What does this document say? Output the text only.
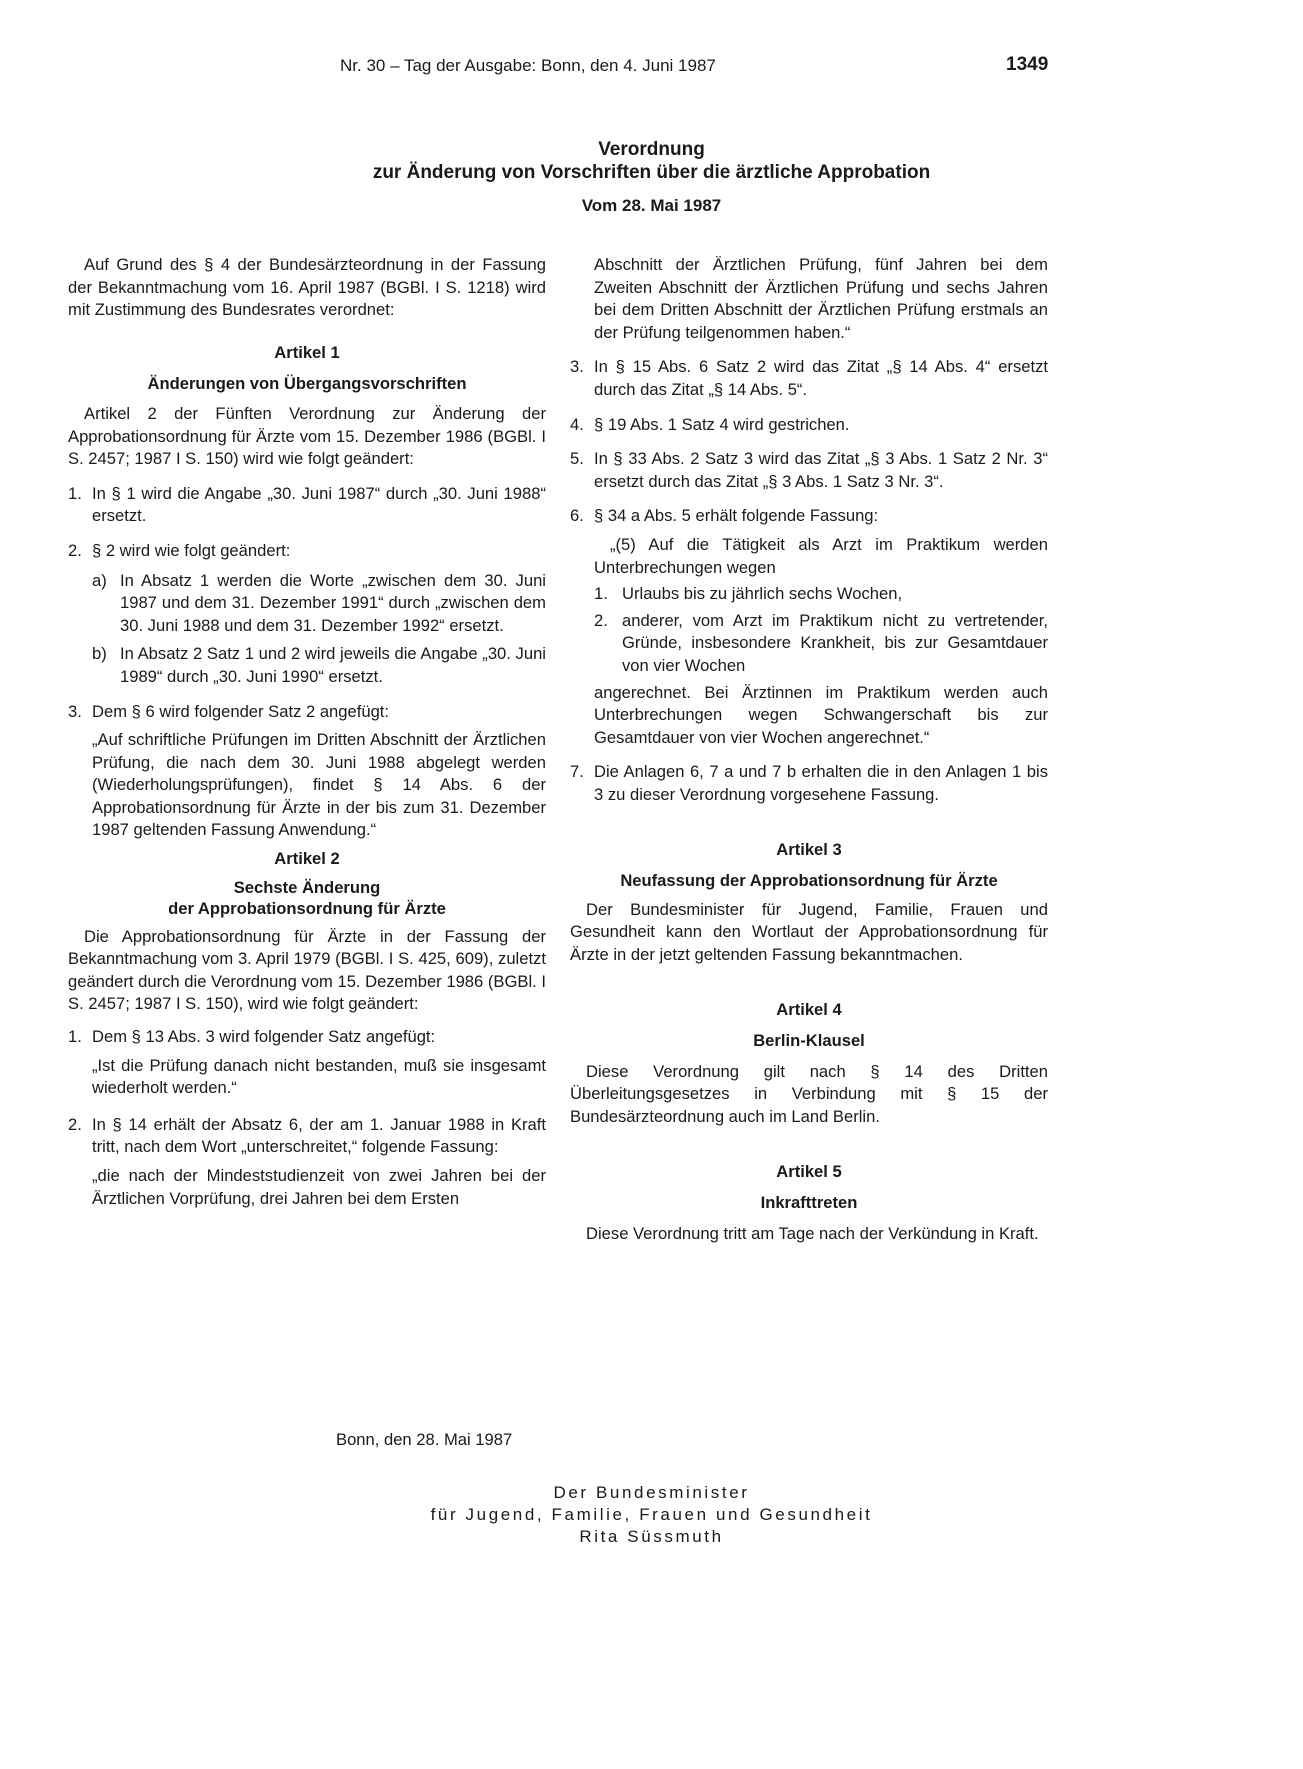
Nr. 30 – Tag der Ausgabe: Bonn, den 4. Juni 1987	1349
Verordnung
zur Änderung von Vorschriften über die ärztliche Approbation
Vom 28. Mai 1987

Auf Grund des § 4 der Bundesärzteordnung in der Fassung der Bekanntmachung vom 16. April 1987 (BGBl. I S. 1218) wird mit Zustimmung des Bundesrates verordnet:

Artikel 1
Änderungen von Übergangsvorschriften

Artikel 2 der Fünften Verordnung zur Änderung der Approbationsordnung für Ärzte vom 15. Dezember 1986 (BGBl. I S. 2457; 1987 I S. 150) wird wie folgt geändert:

1. In § 1 wird die Angabe „30. Juni 1987“ durch „30. Juni 1988“ ersetzt.
2. § 2 wird wie folgt geändert:
a) In Absatz 1 werden die Worte „zwischen dem 30. Juni 1987 und dem 31. Dezember 1991“ durch „zwischen dem 30. Juni 1988 und dem 31. Dezember 1992“ ersetzt.
b) In Absatz 2 Satz 1 und 2 wird jeweils die Angabe „30. Juni 1989“ durch „30. Juni 1990“ ersetzt.
3. Dem § 6 wird folgender Satz 2 angefügt:

„Auf schriftliche Prüfungen im Dritten Abschnitt der Ärztlichen Prüfung, die nach dem 30. Juni 1988 abgelegt werden (Wiederholungsprüfungen), findet § 14 Abs. 6 der Approbationsordnung für Ärzte in der bis zum 31. Dezember 1987 geltenden Fassung Anwendung.“

Artikel 2
Sechste Änderung
der Approbationsordnung für Ärzte

Die Approbationsordnung für Ärzte in der Fassung der Bekanntmachung vom 3. April 1979 (BGBl. I S. 425, 609), zuletzt geändert durch die Verordnung vom 15. Dezember 1986 (BGBl. I S. 2457; 1987 I S. 150), wird wie folgt geändert:

1. Dem § 13 Abs. 3 wird folgender Satz angefügt:

„Ist die Prüfung danach nicht bestanden, muß sie insgesamt wiederholt werden.“

2. In § 14 erhält der Absatz 6, der am 1. Januar 1988 in Kraft tritt, nach dem Wort „unterschreitet,“ folgende Fassung:

„die nach der Mindeststudienzeit von zwei Jahren bei der Ärztlichen Vorprüfung, drei Jahren bei dem Ersten

Abschnitt der Ärztlichen Prüfung, fünf Jahren bei dem Zweiten Abschnitt der Ärztlichen Prüfung und sechs Jahren bei dem Dritten Abschnitt der Ärztlichen Prüfung erstmals an der Prüfung teilgenommen haben.“

3. In § 15 Abs. 6 Satz 2 wird das Zitat „§ 14 Abs. 4“ ersetzt durch das Zitat „§ 14 Abs. 5“.
4. § 19 Abs. 1 Satz 4 wird gestrichen.
5. In § 33 Abs. 2 Satz 3 wird das Zitat „§ 3 Abs. 1 Satz 2 Nr. 3“ ersetzt durch das Zitat „§ 3 Abs. 1 Satz 3 Nr. 3“.
6. § 34 a Abs. 5 erhält folgende Fassung:

„(5) Auf die Tätigkeit als Arzt im Praktikum werden Unterbrechungen wegen

1. Urlaubs bis zu jährlich sechs Wochen,
2. anderer, vom Arzt im Praktikum nicht zu vertretender, Gründe, insbesondere Krankheit, bis zur Gesamtdauer von vier Wochen

angerechnet. Bei Ärztinnen im Praktikum werden auch Unterbrechungen wegen Schwangerschaft bis zur Gesamtdauer von vier Wochen angerechnet.“

7. Die Anlagen 6, 7 a und 7 b erhalten die in den Anlagen 1 bis 3 zu dieser Verordnung vorgesehene Fassung.
Artikel 3
Neufassung der Approbationsordnung für Ärzte

Der Bundesminister für Jugend, Familie, Frauen und Gesundheit kann den Wortlaut der Approbationsordnung für Ärzte in der jetzt geltenden Fassung bekanntmachen.

Artikel 4
Berlin-Klausel

Diese Verordnung gilt nach § 14 des Dritten Überleitungsgesetzes in Verbindung mit § 15 der Bundesärzteordnung auch im Land Berlin.

Artikel 5
Inkrafttreten

Diese Verordnung tritt am Tage nach der Verkündung in Kraft.

Bonn, den 28. Mai 1987
Der Bundesminister
für Jugend, Familie, Frauen und Gesundheit
Rita Süssmuth
